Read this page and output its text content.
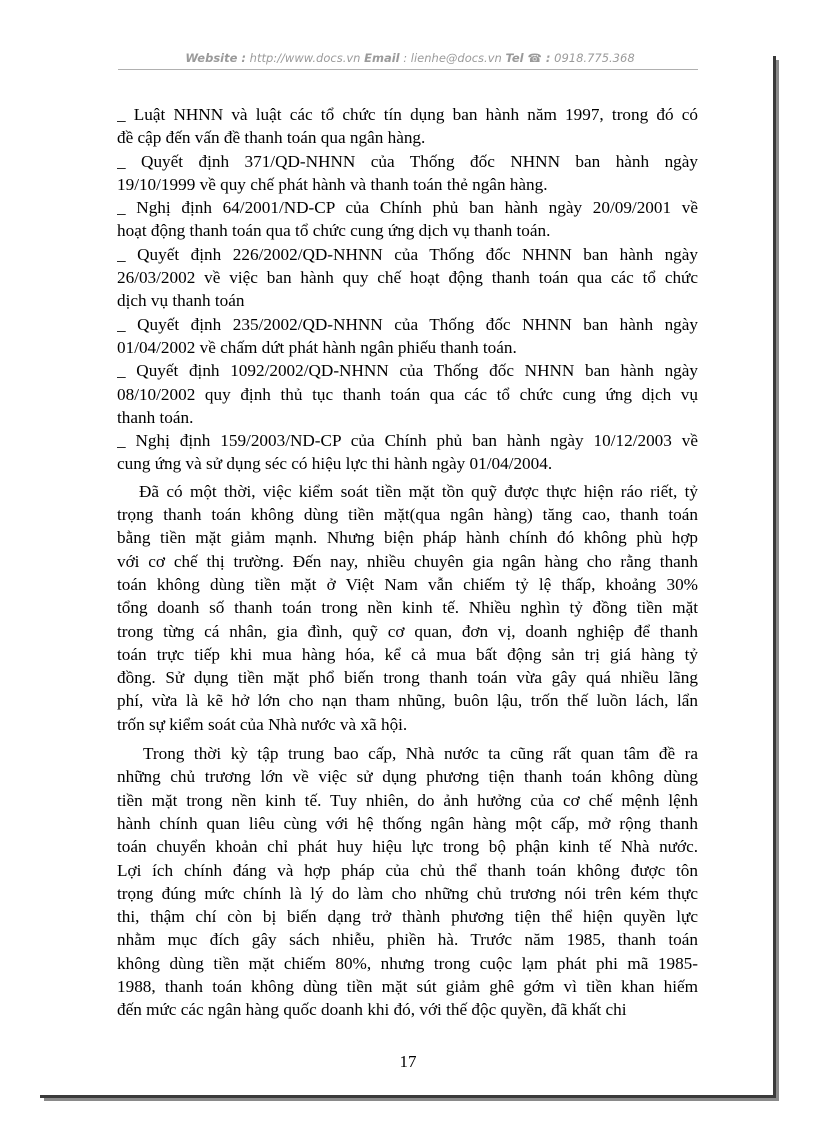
Website : http://www.docs.vn Email : lienhe@docs.vn Tel ☎ : 0918.775.368
_ Luật NHNN và luật các tổ chức tín dụng ban hành năm 1997, trong đó có
đề cập đến vấn đề thanh toán qua ngân hàng.
_ Quyết định 371/QD-NHNN của Thống đốc NHNN ban hành ngày
19/10/1999 về quy chế phát hành và thanh toán thẻ ngân hàng.
_ Nghị định 64/2001/ND-CP của Chính phủ ban hành ngày 20/09/2001 về
hoạt động thanh toán qua tổ chức cung ứng dịch vụ thanh toán.
_ Quyết định 226/2002/QD-NHNN của Thống đốc NHNN ban hành ngày
26/03/2002 về việc ban hành quy chế hoạt động thanh toán qua các tổ chức
dịch vụ thanh toán
_ Quyết định 235/2002/QD-NHNN của Thống đốc NHNN ban hành ngày
01/04/2002 về chấm dứt phát hành ngân phiếu thanh toán.
_ Quyết định 1092/2002/QD-NHNN của Thống đốc NHNN ban hành ngày
08/10/2002 quy định thủ tục thanh toán qua các tổ chức cung ứng dịch vụ
thanh toán.
_ Nghị định 159/2003/ND-CP của Chính phủ ban hành ngày 10/12/2003 về
cung ứng và sử dụng séc có hiệu lực thi hành ngày 01/04/2004.
Đã có một thời, việc kiểm soát tiền mặt tồn quỹ được thực hiện ráo riết, tỷ
trọng thanh toán không dùng tiền mặt(qua ngân hàng) tăng cao, thanh toán
bằng tiền mặt giảm mạnh. Nhưng biện pháp hành chính đó không phù hợp
với cơ chế thị trường. Đến nay, nhiều chuyên gia ngân hàng cho rằng thanh
toán không dùng tiền mặt ở Việt Nam vẫn chiếm tỷ lệ thấp, khoảng 30%
tổng doanh số thanh toán trong nền kinh tế. Nhiều nghìn tỷ đồng tiền mặt
trong từng cá nhân, gia đình, quỹ cơ quan, đơn vị, doanh nghiệp để thanh
toán trực tiếp khi mua hàng hóa, kể cả mua bất động sản trị giá hàng tỷ
đồng. Sử dụng tiền mặt phổ biến trong thanh toán vừa gây quá nhiều lãng
phí, vừa là kẽ hở lớn cho nạn tham nhũng, buôn lậu, trốn thế luồn lách, lẩn
trốn sự kiểm soát của Nhà nước và xã hội.
Trong thời kỳ tập trung bao cấp, Nhà nước ta cũng rất quan tâm đề ra
những chủ trương lớn về việc sử dụng phương tiện thanh toán không dùng
tiền mặt trong nền kinh tế. Tuy nhiên, do ảnh hưởng của cơ chế mệnh lệnh
hành chính quan liêu cùng với hệ thống ngân hàng một cấp, mở rộng thanh
toán chuyển khoản chỉ phát huy hiệu lực trong bộ phận kinh tế Nhà nước.
Lợi ích chính đáng và hợp pháp của chủ thể thanh toán không được tôn
trọng đúng mức chính là lý do làm cho những chủ trương nói trên kém thực
thi, thậm chí còn bị biến dạng trở thành phương tiện thể hiện quyền lực
nhằm mục đích gây sách nhiễu, phiền hà. Trước năm 1985, thanh toán
không dùng tiền mặt chiếm 80%, nhưng trong cuộc lạm phát phi mã 1985-
1988, thanh toán không dùng tiền mặt sút giảm ghê gớm vì tiền khan hiếm
đến mức các ngân hàng quốc doanh khi đó, với thế độc quyền, đã khất chi
17
